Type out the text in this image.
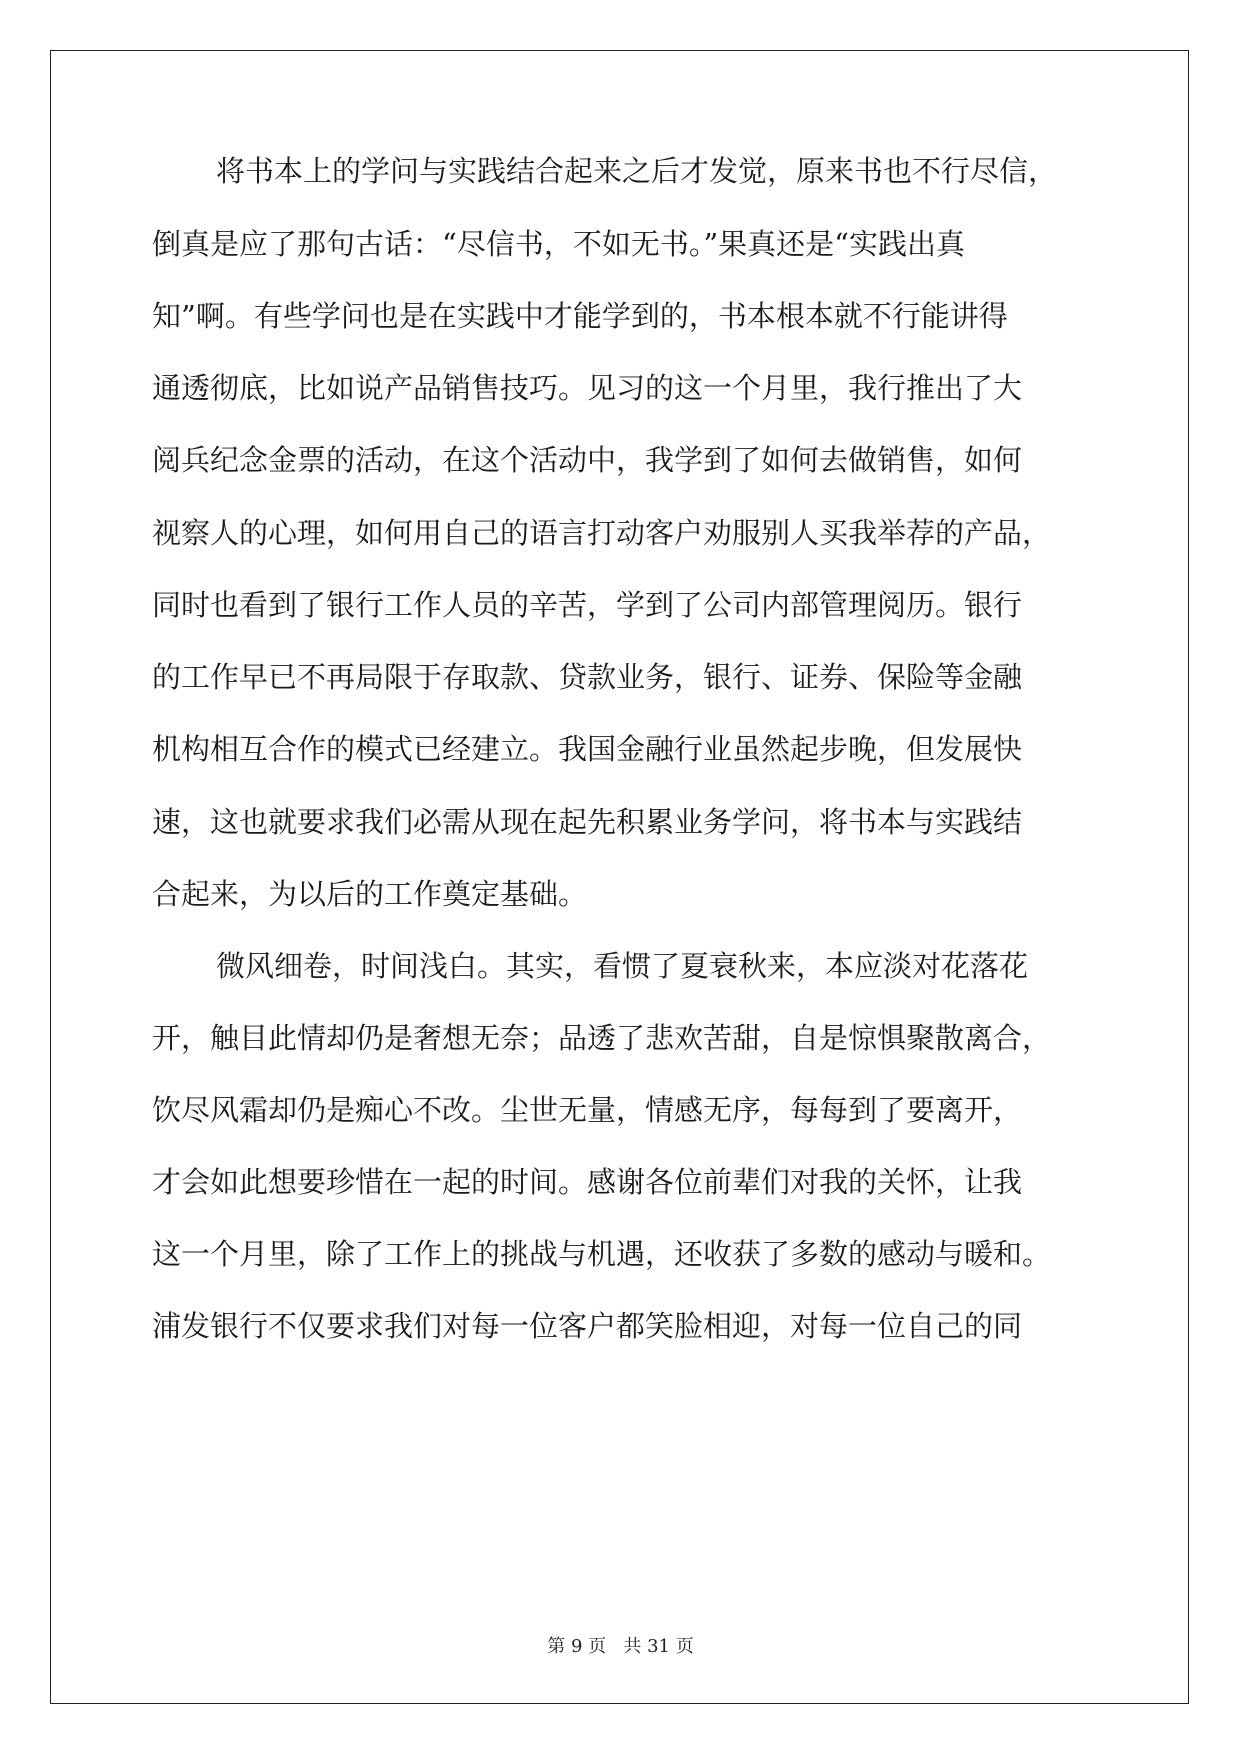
将书本上的学问与实践结合起来之后才发觉，原来书也不行尽信，
倒真是应了那句古话：“尽信书，不如无书。”果真还是“实践出真
知”啊。有些学问也是在实践中才能学到的，书本根本就不行能讲得
通透彻底，比如说产品销售技巧。见习的这一个月里，我行推出了大
阅兵纪念金票的活动，在这个活动中，我学到了如何去做销售，如何
视察人的心理，如何用自己的语言打动客户劝服别人买我举荐的产品，
同时也看到了银行工作人员的辛苦，学到了公司内部管理阅历。银行
的工作早已不再局限于存取款、贷款业务，银行、证券、保险等金融
机构相互合作的模式已经建立。我国金融行业虽然起步晚，但发展快
速，这也就要求我们必需从现在起先积累业务学问，将书本与实践结
合起来，为以后的工作奠定基础。
微风细卷，时间浅白。其实，看惯了夏衰秋来，本应淡对花落花
开，触目此情却仍是奢想无奈；品透了悲欢苦甜，自是惊惧聚散离合，
饮尽风霜却仍是痴心不改。尘世无量，情感无序，每每到了要离开，
才会如此想要珍惜在一起的时间。感谢各位前辈们对我的关怀，让我
这一个月里，除了工作上的挑战与机遇，还收获了多数的感动与暖和。
浦发银行不仅要求我们对每一位客户都笑脸相迎，对每一位自己的同
第 9 页 共 31 页
